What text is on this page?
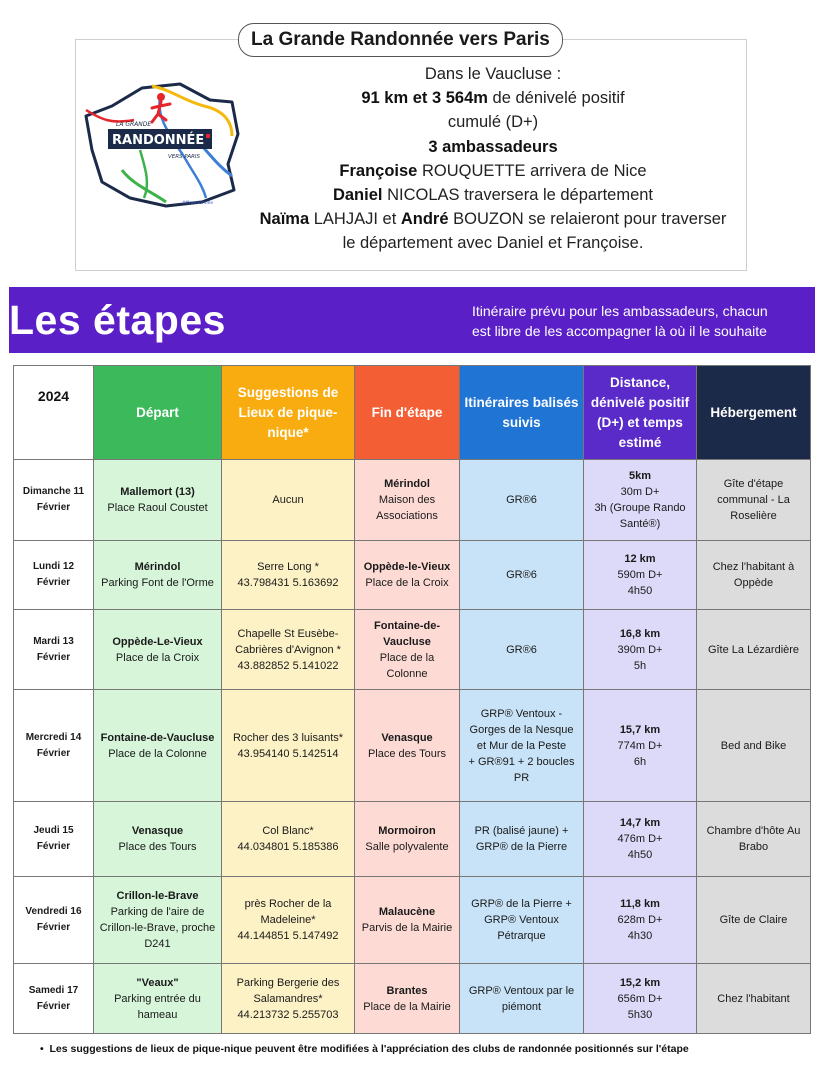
La Grande Randonnée vers Paris
LA GRANDE
RANDONNÉE
VERS PARIS
#ffrandonnée
Dans le Vaucluse :
91 km et 3 564m de dénivelé positif
cumulé (D+)
3 ambassadeurs
Françoise ROUQUETTE arrivera de Nice
Daniel NICOLAS traversera le département
Naïma LAHJAJI et André BOUZON se relaieront pour traverser
le département avec Daniel et Françoise.
Les étapes	Itinéraire prévu pour les ambassadeurs, chacun
est libre de les accompagner là où il le souhaite
2024	Départ	Suggestions de Lieux de pique-nique*	Fin d'étape	Itinéraires balisés suivis	Distance, dénivelé positif (D+) et temps estimé	Hébergement
Dimanche 11 Février	Mallemort (13)
Place Raoul Coustet	Aucun	Mérindol
Maison des Associations	GR®6	5km
30m D+
3h (Groupe Rando Santé®)	Gîte d'étape communal - La Roselière

Lundi 12 Février	Mérindol
Parking Font de l'Orme	Serre Long *
43.798431 5.163692	Oppède-le-Vieux
Place de la Croix	GR®6	12 km
590m D+
4h50	Chez l'habitant à Oppède

Mardi 13 Février	Oppède-Le-Vieux
Place de la Croix	Chapelle St Eusèbe- Cabrières d'Avignon *
43.882852 5.141022	Fontaine-de-Vaucluse
Place de la Colonne	GR®6	16,8 km
390m D+
5h	Gîte La Lézardière

Mercredi 14 Février	Fontaine-de-Vaucluse
Place de la Colonne	Rocher des 3 luisants*
43.954140 5.142514	Venasque
Place des Tours	GRP® Ventoux - Gorges de la Nesque et Mur de la Peste
+ GR®91 + 2 boucles PR	15,7 km
774m D+
6h	Bed and Bike

Jeudi 15 Février	Venasque
Place des Tours	Col Blanc*
44.034801 5.185386	Mormoiron
Salle polyvalente	PR (balisé jaune) + GRP® de la Pierre	14,7 km
476m D+
4h50	Chambre d'hôte Au Brabo

Vendredi 16 Février	Crillon-le-Brave
Parking de l'aire de Crillon-le-Brave, proche D241	près Rocher de la Madeleine*
44.144851 5.147492	Malaucène
Parvis de la Mairie	GRP® de la Pierre + GRP® Ventoux Pétrarque	11,8 km
628m D+
4h30	Gîte de Claire

Samedi 17 Février	"Veaux"
Parking entrée du hameau	Parking Bergerie des Salamandres*
44.213732 5.255703	Brantes
Place de la Mairie	GRP® Ventoux par le piémont	15,2 km
656m D+
5h30	Chez l'habitant
•  Les suggestions de lieux de pique-nique peuvent être modifiées à l'appréciation des clubs de randonnée positionnés sur l'étape
